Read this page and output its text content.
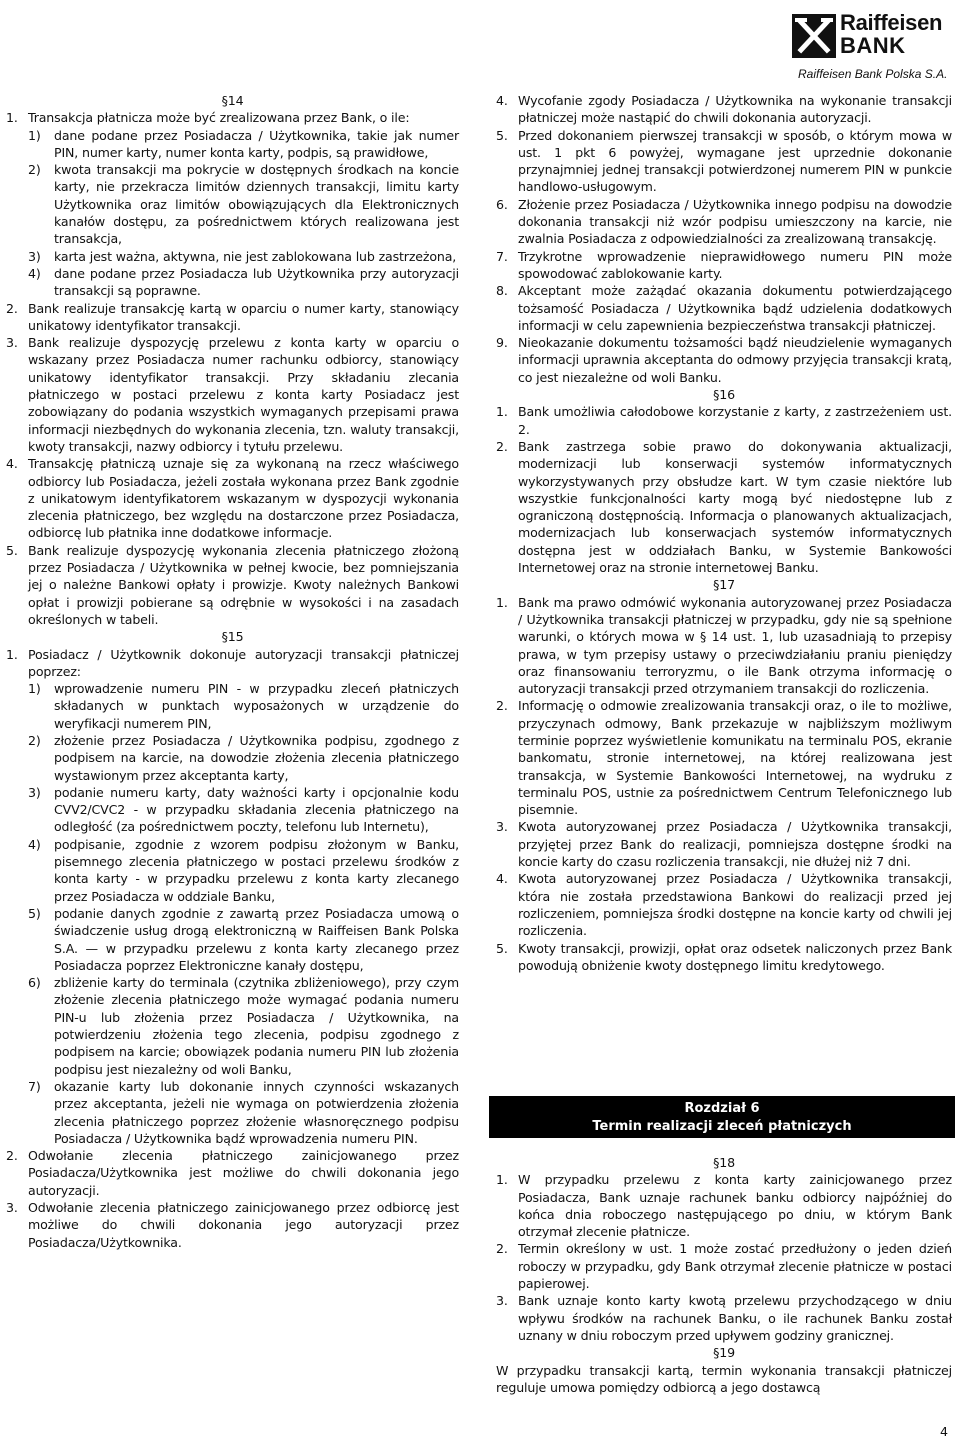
Raiffeisen
BANK
Raiffeisen Bank Polska S.A.
§14
1. Transakcja płatnicza może być zrealizowana przez Bank, o ile:
1) dane podane przez Posiadacza / Użytkownika, takie jak numer PIN, numer karty, numer konta karty, podpis, są prawidłowe,
2) kwota transakcji ma pokrycie w dostępnych środkach na koncie karty, nie przekracza limitów dziennych transakcji, limitu karty Użytkownika oraz limitów obowiązujących dla Elektronicznych kanałów dostępu, za pośrednictwem których realizowana jest transakcja,
3) karta jest ważna, aktywna, nie jest zablokowana lub zastrzeżona,
4) dane podane przez Posiadacza lub Użytkownika przy autoryzacji transakcji są poprawne.
2. Bank realizuje transakcję kartą w oparciu o numer karty, stanowiący unikatowy identyfikator transakcji.
3. Bank realizuje dyspozycję przelewu z konta karty w oparciu o wskazany przez Posiadacza numer rachunku odbiorcy, stanowiący unikatowy identyfikator transakcji. Przy składaniu zlecania płatniczego w postaci przelewu z konta karty Posiadacz jest zobowiązany do podania wszystkich wymaganych przepisami prawa informacji niezbędnych do wykonania zlecenia, tzn. waluty transakcji, kwoty transakcji, nazwy odbiorcy i tytułu przelewu.
4. Transakcję płatniczą uznaje się za wykonaną na rzecz właściwego odbiorcy lub Posiadacza, jeżeli została wykonana przez Bank zgodnie z unikatowym identyfikatorem wskazanym w dyspozycji wykonania zlecenia płatniczego, bez względu na dostarczone przez Posiadacza, odbiorcę lub płatnika inne dodatkowe informacje.
5. Bank realizuje dyspozycję wykonania zlecenia płatniczego złożoną przez Posiadacza / Użytkownika w pełnej kwocie, bez pomniejszania jej o należne Bankowi opłaty i prowizje. Kwoty należnych Bankowi opłat i prowizji pobierane są odrębnie w wysokości i na zasadach określonych w tabeli.
§15
1. Posiadacz / Użytkownik dokonuje autoryzacji transakcji płatniczej poprzez:
1) wprowadzenie numeru PIN - w przypadku zleceń płatniczych składanych w punktach wyposażonych w urządzenie do weryfikacji numerem PIN,
2) złożenie przez Posiadacza / Użytkownika podpisu, zgodnego z podpisem na karcie, na dowodzie złożenia zlecenia płatniczego wystawionym przez akceptanta karty,
3) podanie numeru karty, daty ważności karty i opcjonalnie kodu CVV2/CVC2 - w przypadku składania zlecenia płatniczego na odległość (za pośrednictwem poczty, telefonu lub Internetu),
4) podpisanie, zgodnie z wzorem podpisu złożonym w Banku, pisemnego zlecenia płatniczego w postaci przelewu środków z konta karty - w przypadku przelewu z konta karty zlecanego przez Posiadacza w oddziale Banku,
5) podanie danych zgodnie z zawartą przez Posiadacza umową o świadczenie usług drogą elektroniczną w Raiffeisen Bank Polska S.A. — w przypadku przelewu z konta karty zlecanego przez Posiadacza poprzez Elektroniczne kanały dostępu,
6) zbliżenie karty do terminala (czytnika zbliżeniowego), przy czym złożenie zlecenia płatniczego może wymagać podania numeru PIN-u lub złożenia przez Posiadacza / Użytkownika, na potwierdzeniu złożenia tego zlecenia, podpisu zgodnego z podpisem na karcie; obowiązek podania numeru PIN lub złożenia podpisu jest niezależny od woli Banku,
7) okazanie karty lub dokonanie innych czynności wskazanych przez akceptanta, jeżeli nie wymaga on potwierdzenia złożenia zlecenia płatniczego poprzez złożenie własnoręcznego podpisu Posiadacza / Użytkownika bądź wprowadzenia numeru PIN.
2. Odwołanie zlecenia płatniczego zainicjowanego przez Posiadacza/Użytkownika jest możliwe do chwili dokonania jego autoryzacji.
3. Odwołanie zlecenia płatniczego zainicjowanego przez odbiorcę jest możliwe do chwili dokonania jego autoryzacji przez Posiadacza/Użytkownika.
4. Wycofanie zgody Posiadacza / Użytkownika na wykonanie transakcji płatniczej może nastąpić do chwili dokonania autoryzacji.
5. Przed dokonaniem pierwszej transakcji w sposób, o którym mowa w ust. 1 pkt 6 powyżej, wymagane jest uprzednie dokonanie przynajmniej jednej transakcji potwierdzonej numerem PIN w punkcie handlowo-usługowym.
6. Złożenie przez Posiadacza / Użytkownika innego podpisu na dowodzie dokonania transakcji niż wzór podpisu umieszczony na karcie, nie zwalnia Posiadacza z odpowiedzialności za zrealizowaną transakcję.
7. Trzykrotne wprowadzenie nieprawidłowego numeru PIN może spowodować zablokowanie karty.
8. Akceptant może zażądać okazania dokumentu potwierdzającego tożsamość Posiadacza / Użytkownika bądź udzielenia dodatkowych informacji w celu zapewnienia bezpieczeństwa transakcji płatniczej.
9. Nieokazanie dokumentu tożsamości bądź nieudzielenie wymaganych informacji uprawnia akceptanta do odmowy przyjęcia transakcji kratą, co jest niezależne od woli Banku.
§16
1. Bank umożliwia całodobowe korzystanie z karty, z zastrzeżeniem ust. 2.
2. Bank zastrzega sobie prawo do dokonywania aktualizacji, modernizacji lub konserwacji systemów informatycznych wykorzystywanych przy obsłudze kart. W tym czasie niektóre lub wszystkie funkcjonalności karty mogą być niedostępne lub z ograniczoną dostępnością. Informacja o planowanych aktualizacjach, modernizacjach lub konserwacjach systemów informatycznych dostępna jest w oddziałach Banku, w Systemie Bankowości Internetowej oraz na stronie internetowej Banku.
§17
1. Bank ma prawo odmówić wykonania autoryzowanej przez Posiadacza / Użytkownika transakcji płatniczej w przypadku, gdy nie są spełnione warunki, o których mowa w § 14 ust. 1, lub uzasadniają to przepisy prawa, w tym przepisy ustawy o przeciwdziałaniu praniu pieniędzy oraz finansowaniu terroryzmu, o ile Bank otrzyma informację o autoryzacji transakcji przed otrzymaniem transakcji do rozliczenia.
2. Informację o odmowie zrealizowania transakcji oraz, o ile to możliwe, przyczynach odmowy, Bank przekazuje w najbliższym możliwym terminie poprzez wyświetlenie komunikatu na terminalu POS, ekranie bankomatu, stronie internetowej, na której realizowana jest transakcja, w Systemie Bankowości Internetowej, na wydruku z terminalu POS, ustnie za pośrednictwem Centrum Telefonicznego lub pisemnie.
3. Kwota autoryzowanej przez Posiadacza / Użytkownika transakcji, przyjętej przez Bank do realizacji, pomniejsza dostępne środki na koncie karty do czasu rozliczenia transakcji, nie dłużej niż 7 dni.
4. Kwota autoryzowanej przez Posiadacza / Użytkownika transakcji, która nie została przedstawiona Bankowi do realizacji przed jej rozliczeniem, pomniejsza środki dostępne na koncie karty od chwili jej rozliczenia.
5. Kwoty transakcji, prowizji, opłat oraz odsetek naliczonych przez Bank powodują obniżenie kwoty dostępnego limitu kredytowego.
Rozdział 6
Termin realizacji zleceń płatniczych
§18
1. W przypadku przelewu z konta karty zainicjowanego przez Posiadacza, Bank uznaje rachunek banku odbiorcy najpóźniej do końca dnia roboczego następującego po dniu, w którym Bank otrzymał zlecenie płatnicze.
2. Termin określony w ust. 1 może zostać przedłużony o jeden dzień roboczy w przypadku, gdy Bank otrzymał zlecenie płatnicze w postaci papierowej.
3. Bank uznaje konto karty kwotą przelewu przychodzącego w dniu wpływu środków na rachunek Banku, o ile rachunek Banku został uznany w dniu roboczym przed upływem godziny granicznej.
§19
W przypadku transakcji kartą, termin wykonania transakcji płatniczej reguluje umowa pomiędzy odbiorcą a jego dostawcą
4
